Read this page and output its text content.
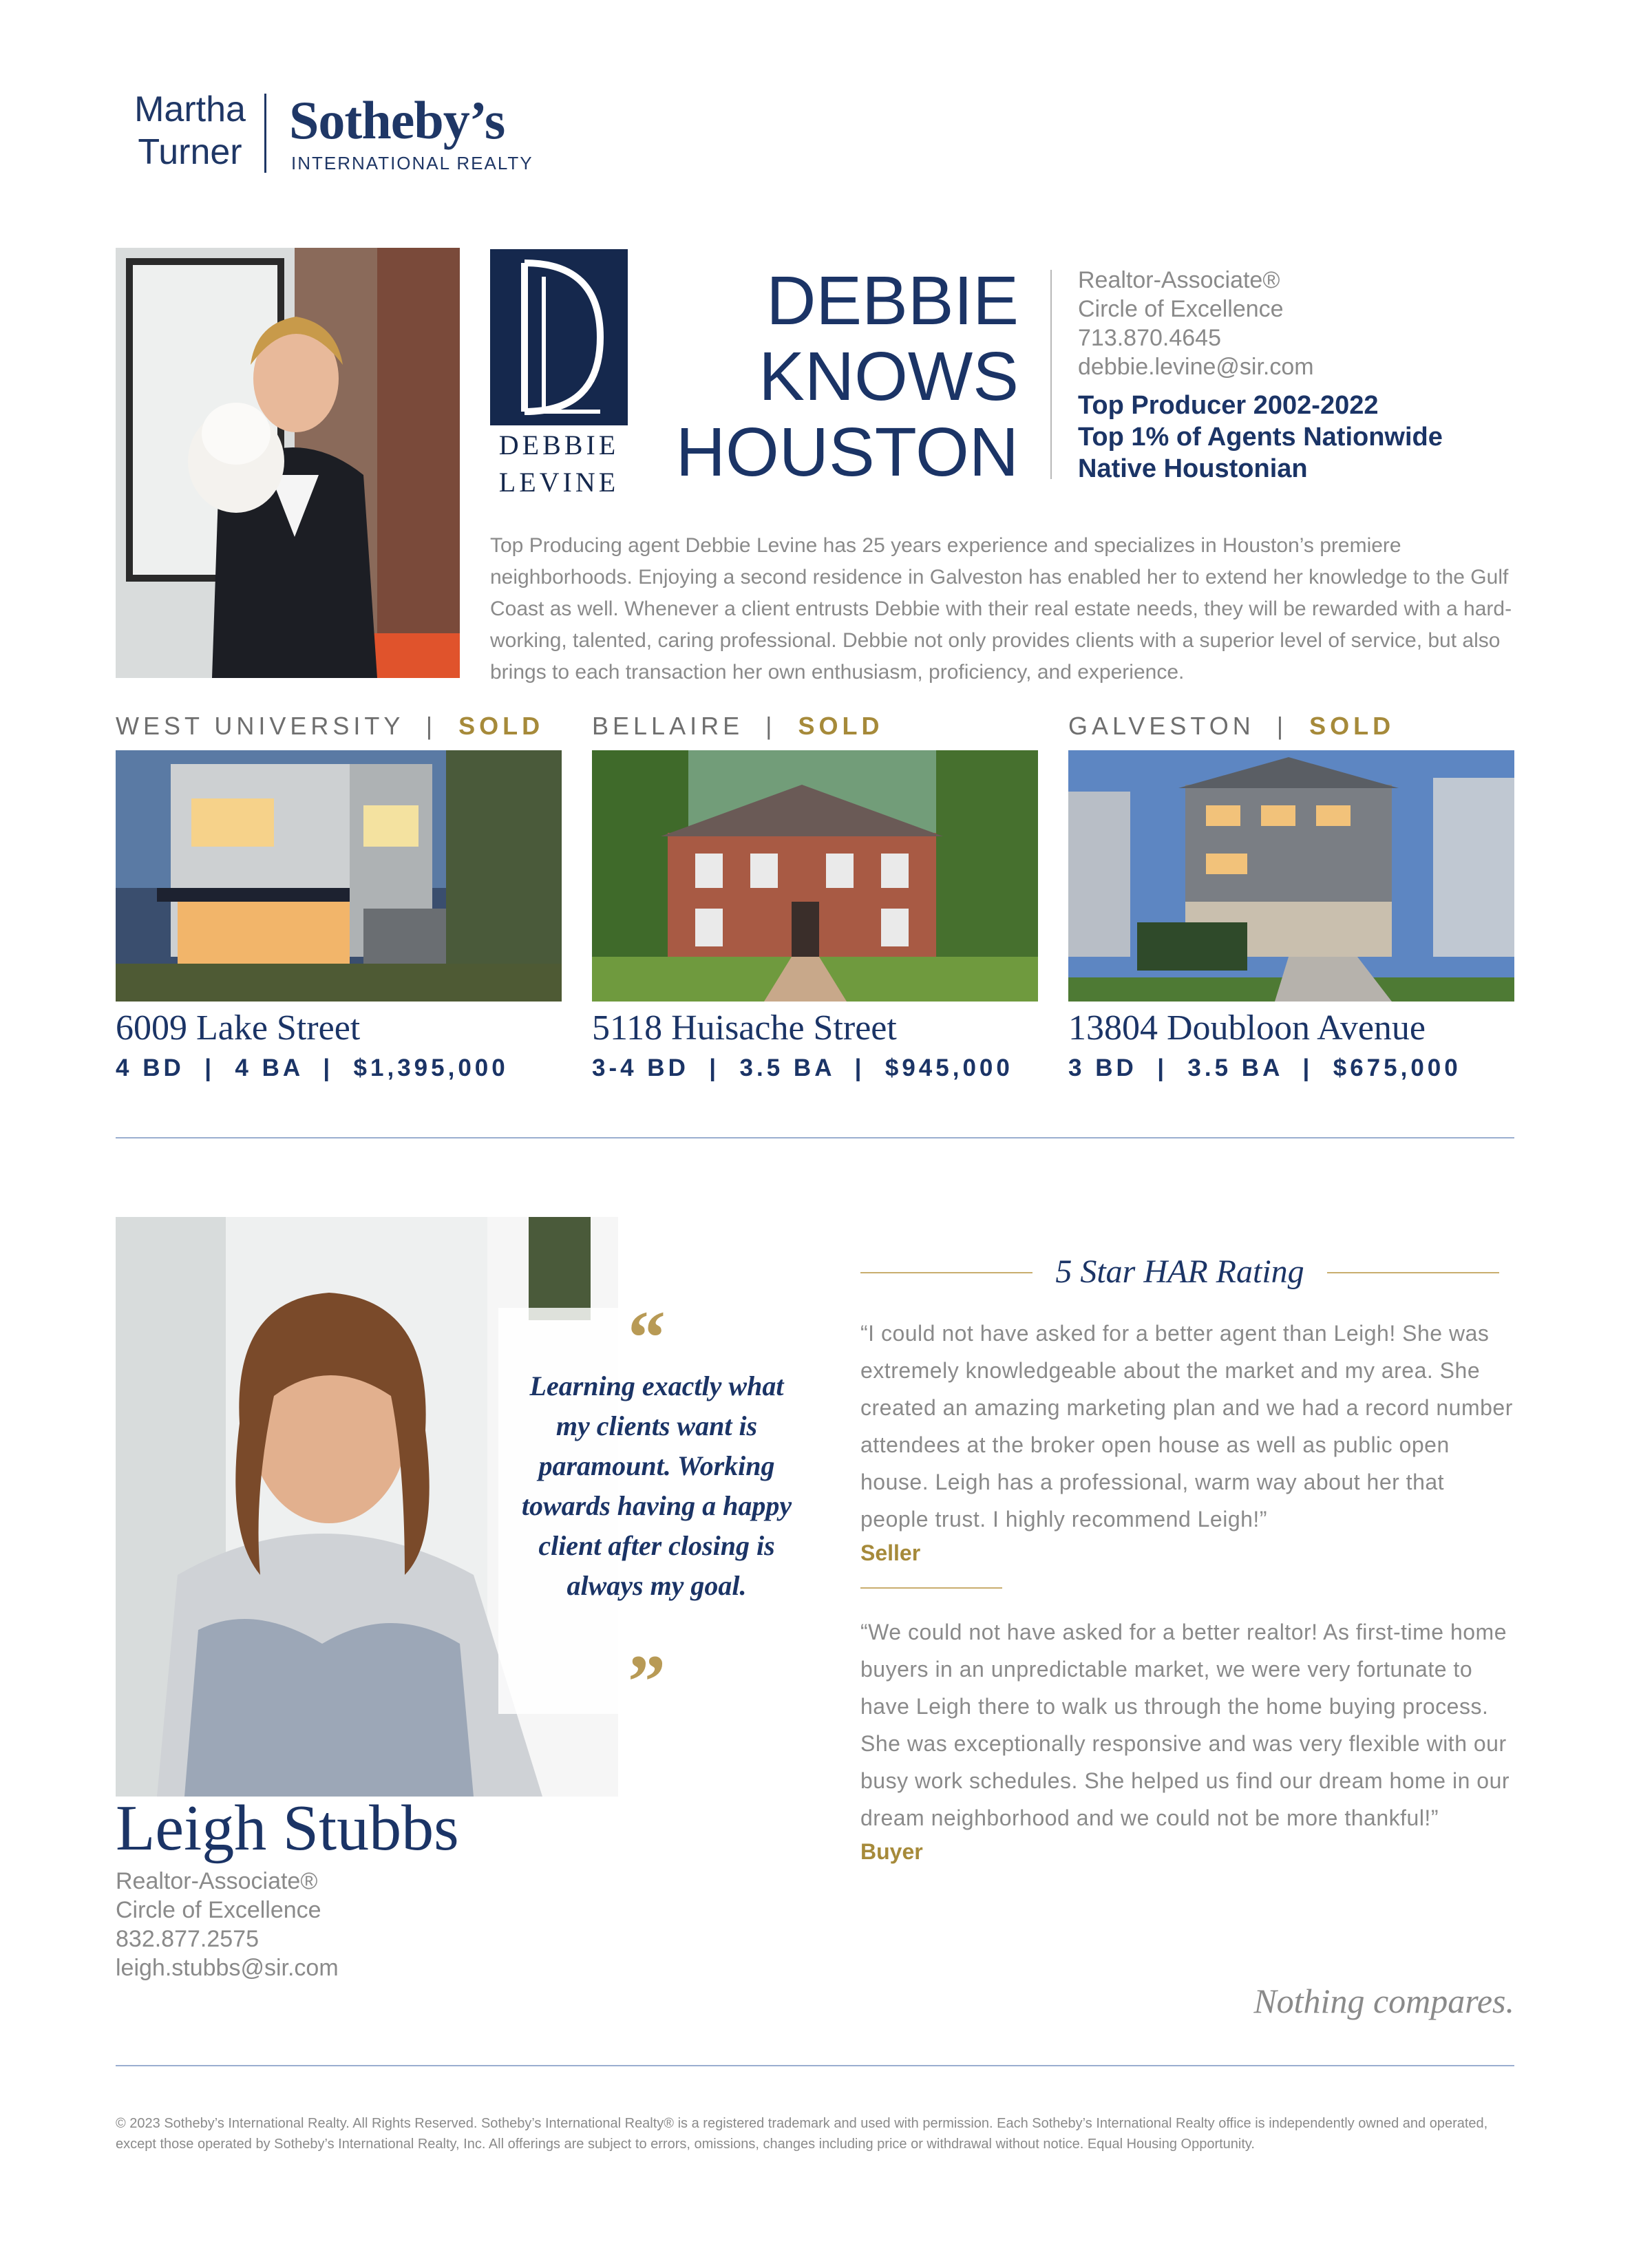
Martha
Turner
Sotheby’s
INTERNATIONAL REALTY
DEBBIE
LEVINE
DEBBIE
KNOWS
HOUSTON
Realtor-Associate®
Circle of Excellence
713.870.4645
debbie.levine@sir.com
Top Producer 2002-2022
Top 1% of Agents Nationwide
Native Houstonian
Top Producing agent Debbie Levine has 25 years experience and specializes in Houston’s premiere neighborhoods. Enjoying a second residence in Galveston has enabled her to extend her knowledge to the Gulf Coast as well. Whenever a client entrusts Debbie with their real estate needs, they will be rewarded with a hard-working, talented, caring professional. Debbie not only provides clients with a superior level of service, but also brings to each transaction her own enthusiasm, proficiency, and experience.
WEST UNIVERSITY | SOLD BELLAIRE | SOLD	GALVESTON | SOLD
6009 Lake Street	5118 Huisache Street	13804 Doubloon Avenue
4 BD  |  4 BA  |  $1,395,000	3-4 BD  |  3.5 BA  |  $945,000 3 BD  |  3.5 BA  |  $675,000
“
Learning exactly what my clients want is paramount. Working towards having a happy client after closing is always my goal.
”
Leigh Stubbs
Realtor-Associate®
Circle of Excellence
832.877.2575
leigh.stubbs@sir.com
5 Star HAR Rating
“I could not have asked for a better agent than Leigh! She was extremely knowledgeable about the market and my area. She created an amazing marketing plan and we had a record number attendees at the broker open house as well as public open house. Leigh has a professional, warm way about her that people trust. I highly recommend Leigh!”
Seller
“We could not have asked for a better realtor! As first-time home buyers in an unpredictable market, we were very fortunate to have Leigh there to walk us through the home buying process. She was exceptionally responsive and was very flexible with our busy work schedules. She helped us find our dream home in our dream neighborhood and we could not be more thankful!”
Buyer
Nothing compares.
© 2023 Sotheby’s International Realty. All Rights Reserved. Sotheby’s International Realty® is a registered trademark and used with permission. Each Sotheby’s International Realty office is independently owned and operated, except those operated by Sotheby’s International Realty, Inc. All offerings are subject to errors, omissions, changes including price or withdrawal without notice. Equal Housing Opportunity.
